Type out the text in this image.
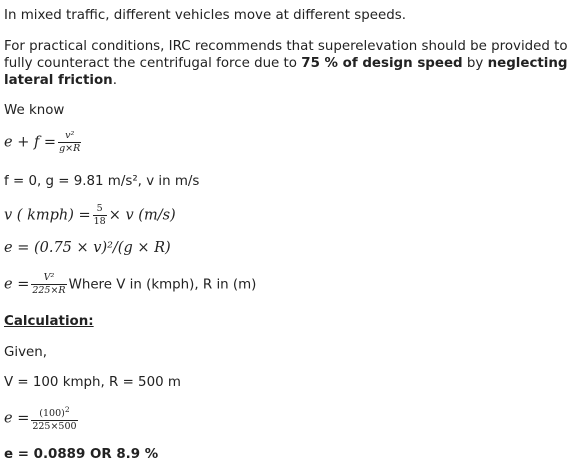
In mixed traffic, different vehicles move at different speeds.
For practical conditions, IRC recommends that superelevation should be provided to fully counteract the centrifugal force due to 75 % of design speed by neglecting lateral friction.
We know
$e + f = \frac{\text{v²}}{g\times R}$
f = 0, g = 9.81 m/s², v in m/s
v ( kmph) = $\frac{5}{18} \times v$ (m/s)
e = (0.75 × v)²/(g × R)
$e = \frac{\text{V²}}{225\times R}$ Where V in (kmph), R in (m)
Calculation:
Given,
V = 100 kmph, R = 500 m
$e = \frac{(100)^2}{225\times 500}$
e = 0.0889 OR 8.9 %
